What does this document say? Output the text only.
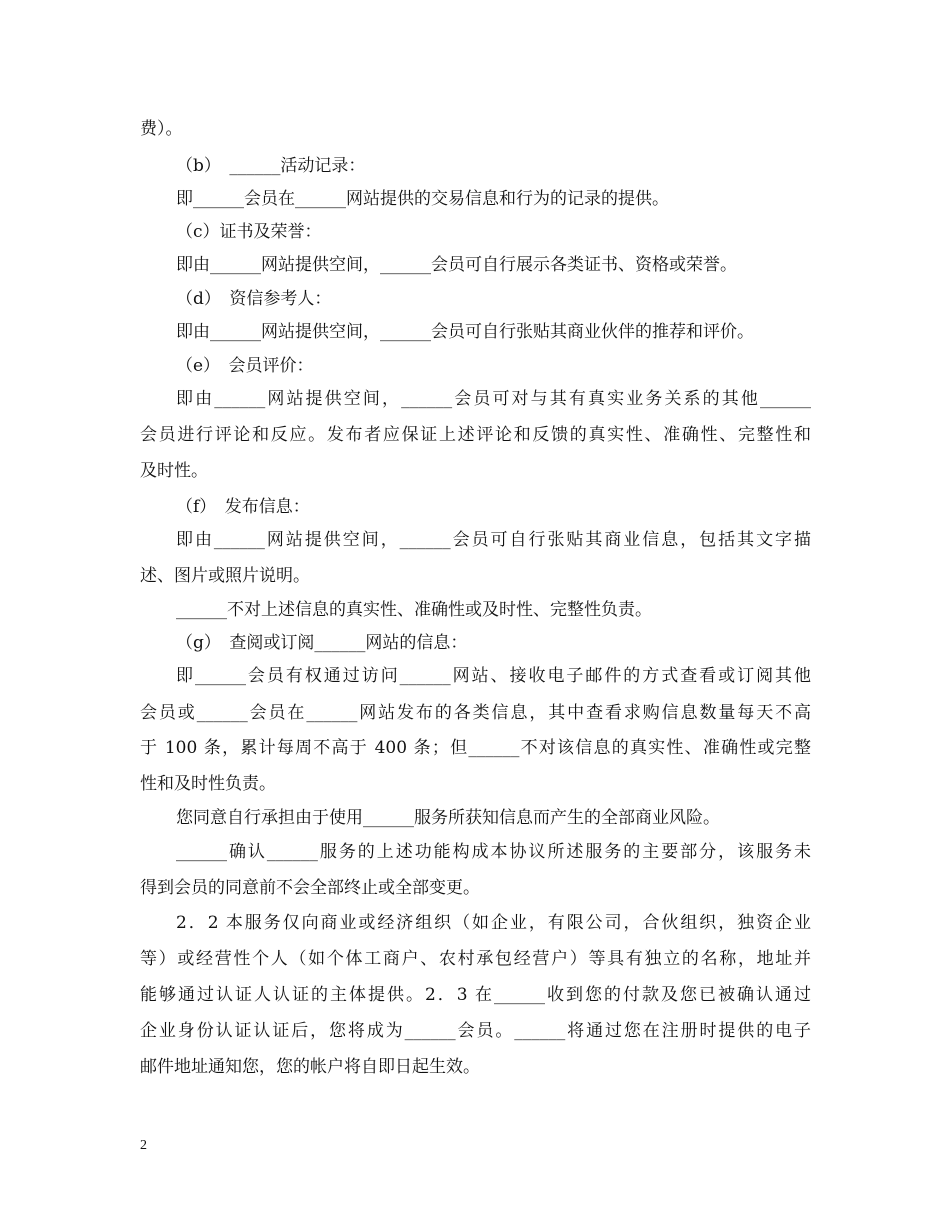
费）。
（b）　______活动记录：
即______会员在______网站提供的交易信息和行为的记录的提供。
（c）证书及荣誉：
即由______网站提供空间，______会员可自行展示各类证书、资格或荣誉。
（d）　资信参考人：
即由______网站提供空间，______会员可自行张贴其商业伙伴的推荐和评价。
（e）　会员评价：
即由______网站提供空间，______会员可对与其有真实业务关系的其他______
会员进行评论和反应。发布者应保证上述评论和反馈的真实性、准确性、完整性和
及时性。
（f）　发布信息：
即由______网站提供空间，______会员可自行张贴其商业信息，包括其文字描
述、图片或照片说明。
______不对上述信息的真实性、准确性或及时性、完整性负责。
（g）　查阅或订阅______网站的信息：
即______会员有权通过访问______网站、接收电子邮件的方式查看或订阅其他
会员或______会员在______网站发布的各类信息，其中查看求购信息数量每天不高
于 100 条，累计每周不高于 400 条；但______不对该信息的真实性、准确性或完整
性和及时性负责。
您同意自行承担由于使用______服务所获知信息而产生的全部商业风险。
______确认______服务的上述功能构成本协议所述服务的主要部分，该服务未
得到会员的同意前不会全部终止或全部变更。
2．2 本服务仅向商业或经济组织（如企业，有限公司，合伙组织，独资企业
等）或经营性个人（如个体工商户、农村承包经营户）等具有独立的名称，地址并
能够通过认证人认证的主体提供。2．3 在______收到您的付款及您已被确认通过
企业身份认证认证后，您将成为______会员。______将通过您在注册时提供的电子
邮件地址通知您，您的帐户将自即日起生效。
2
